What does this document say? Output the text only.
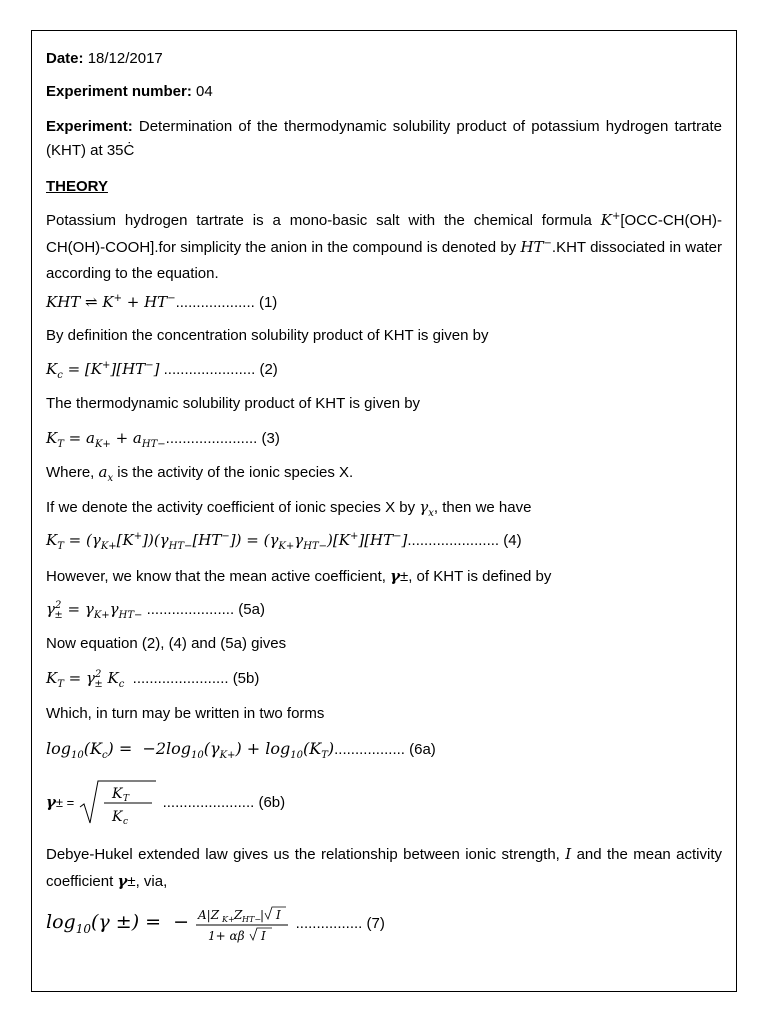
Date: 18/12/2017
Experiment number: 04
Experiment: Determination of the thermodynamic solubility product of potassium hydrogen tartrate (KHT) at 35Ċ
THEORY
Potassium hydrogen tartrate is a mono-basic salt with the chemical formula K+[OCC-CH(OH)-CH(OH)-COOH].for simplicity the anion in the compound is denoted by HT−.KHT dissociated in water according to the equation.
KHT ⇌ K+ + HT−................... (1)
By definition the concentration solubility product of KHT is given by
$K_c = [K^+][HT^-]$ ...................... (2)
The thermodynamic solubility product of KHT is given by
$K_T = a_{K+} + a_{HT-}$...................... (3)
Where, $a_x$ is the activity of the ionic species X.
If we denote the activity coefficient of ionic species X by $\gamma_x$, then we have
$K_T = (\gamma_{K+}[K^+])(\gamma_{HT-}[HT^-]) = (\gamma_{K+}\gamma_{HT-})[K^+][HT^-]$...................... (4)
However, we know that the mean active coefficient, γ±, of KHT is defined by
$\gamma^2_\pm = \gamma_{K+}\gamma_{HT-}$ ..................... (5a)
Now equation (2), (4) and (5a) gives
$K_T = \gamma^2_\pm$ $K_c$ ....................... (5b)
Which, in turn may be written in two forms
$\log_{10}(K_c) = -2\log_{10}(\gamma_{K+}) + \log_{10}(K_T)$................. (6a)
γ± =
K T
K c
...................... (6b)
Debye-Hukel extended law gives us the relationship between ionic strength, I and the mean activity coefficient γ±, via,
$\log_{10}(\gamma$ ±) =  − A|Z K+ Z HT−
| I
1+ αβ I
................ (7)
